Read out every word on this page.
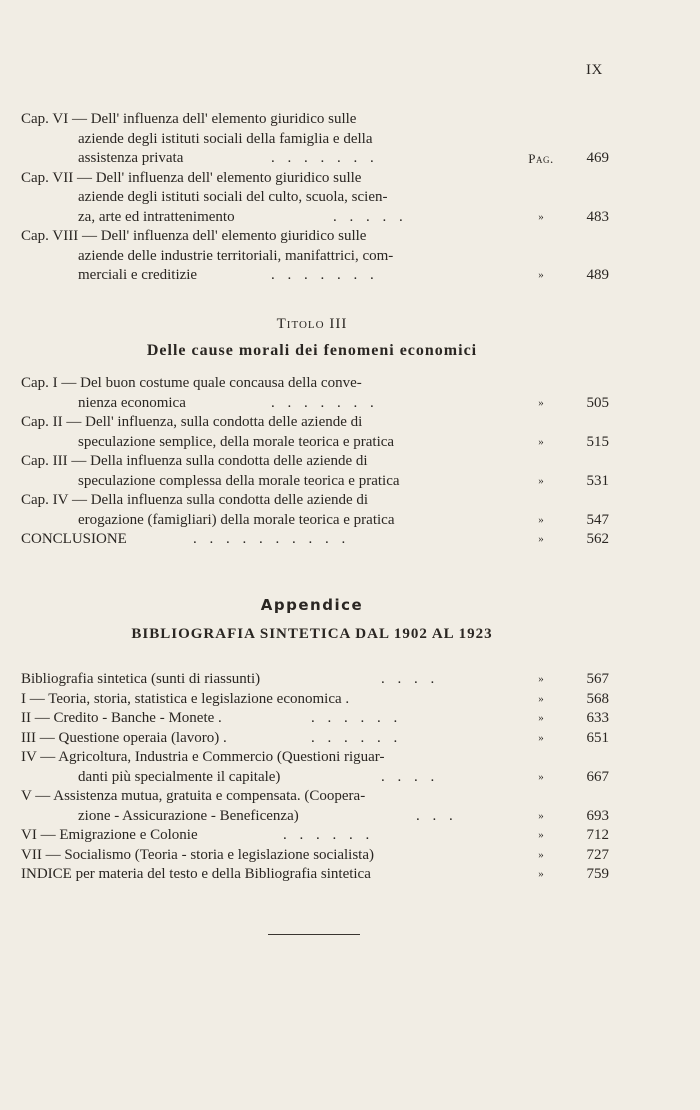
IX
Cap. VI — Dell' influenza dell' elemento giuridico sulle
aziende degli istituti sociali della famiglia e della
assistenza privata	. . . . . . .	Pag.	469
Cap. VII — Dell' influenza dell' elemento giuridico sulle
aziende degli istituti sociali del culto, scuola, scien-
za, arte ed intrattenimento	. . . . .	»	483
Cap. VIII — Dell' influenza dell' elemento giuridico sulle
aziende delle industrie territoriali, manifattrici, com-
merciali e creditizie	. . . . . . .	»	489
Titolo III
Delle cause morali dei fenomeni economici
Cap. I — Del buon costume quale concausa della conve-
nienza economica	. . . . . . .	»	505
Cap. II — Dell' influenza, sulla condotta delle aziende di
speculazione semplice, della morale teorica e pratica	»	515
Cap. III — Della influenza sulla condotta delle aziende di
speculazione complessa della morale teorica e pratica	»	531
Cap. IV — Della influenza sulla condotta delle aziende di
erogazione (famigliari) della morale teorica e pratica	»	547
CONCLUSIONE	. . . . . . . . . .	»	562
Appendice
BIBLIOGRAFIA SINTETICA DAL 1902 AL 1923
Bibliografia sintetica (sunti di riassunti)	. . . .	»	567
I — Teoria, storia, statistica e legislazione economica .	»	568
II — Credito - Banche - Monete .	. . . . . .	»	633
III — Questione operaia (lavoro) .	. . . . . .	»	651
IV — Agricoltura, Industria e Commercio (Questioni riguar-
danti più specialmente il capitale)	. . . .	»	667
V — Assistenza mutua, gratuita e compensata. (Coopera-
zione - Assicurazione - Beneficenza)	. . .	»	693
VI — Emigrazione e Colonie	. . . . . .	»	712
VII — Socialismo (Teoria - storia e legislazione socialista)	»	727
INDICE per materia del testo e della Bibliografia sintetica	»	759
